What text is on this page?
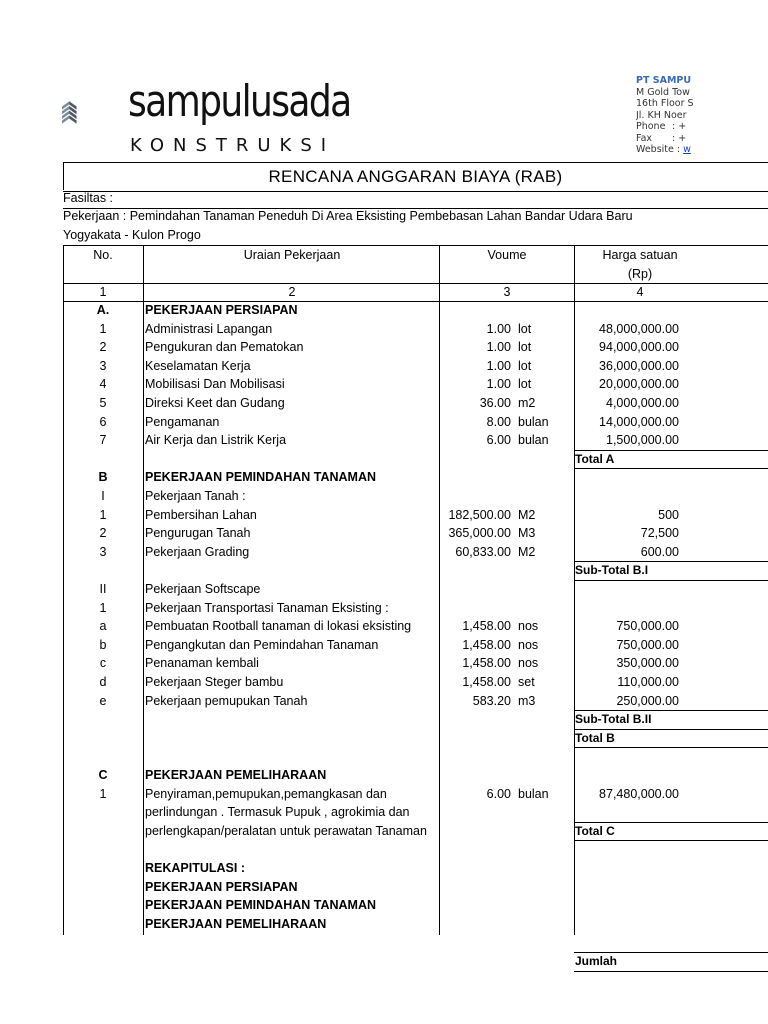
sampulusada
KONSTRUKSI
PT SAMPU
M Gold Tow
16th Floor S
Jl. KH Noer
Phone : +
Fax : +
Website : w
RENCANA ANGGARAN BIAYA (RAB)
Fasiltas :
Pekerjaan : Pemindahan Tanaman Peneduh Di Area Eksisting Pembebasan Lahan Bandar Udara Baru
Yogyakata - Kulon Progo
No.	Uraian Pekerjaan	Voume	Harga satuan
(Rp)
1	2	3	4
A.	PEKERJAAN PERSIAPAN
1	Administrasi Lapangan	1.00 lot	48,000,000.00
2	Pengukuran dan Pematokan	1.00 lot	94,000,000.00
3	Keselamatan Kerja	1.00 lot	36,000,000.00
4	Mobilisasi Dan Mobilisasi	1.00 lot	20,000,000.00
5	Direksi Keet dan Gudang	36.00 m2	4,000,000.00
6	Pengamanan	8.00 bulan	14,000,000.00
7	Air Kerja dan Listrik Kerja	6.00 bulan	1,500,000.00
Total A
B	PEKERJAAN PEMINDAHAN TANAMAN
I	Pekerjaan Tanah :
1	Pembersihan Lahan	182,500.00 M2	500
2	Pengurugan Tanah	365,000.00 M3	72,500
3	Pekerjaan Grading	60,833.00 M2	600.00
Sub-Total B.I
II	Pekerjaan Softscape
1	Pekerjaan Transportasi Tanaman Eksisting :
a	Pembuatan Rootball tanaman di lokasi eksisting	1,458.00 nos	750,000.00
b	Pengangkutan dan Pemindahan Tanaman	1,458.00 nos	750,000.00
c	Penanaman kembali	1,458.00 nos	350,000.00
d	Pekerjaan Steger bambu	1,458.00 set	110,000.00
e	Pekerjaan pemupukan Tanah	583.20 m3	250,000.00
Sub-Total B.II
Total B
C	PEKERJAAN PEMELIHARAAN
1	Penyiraman,pemupukan,pemangkasan dan	6.00 bulan	87,480,000.00
perlindungan . Termasuk Pupuk , agrokimia dan
perlengkapan/peralatan untuk perawatan Tanaman	Total C
REKAPITULASI :
PEKERJAAN PERSIAPAN
PEKERJAAN PEMINDAHAN TANAMAN
PEKERJAAN PEMELIHARAAN
Jumlah
